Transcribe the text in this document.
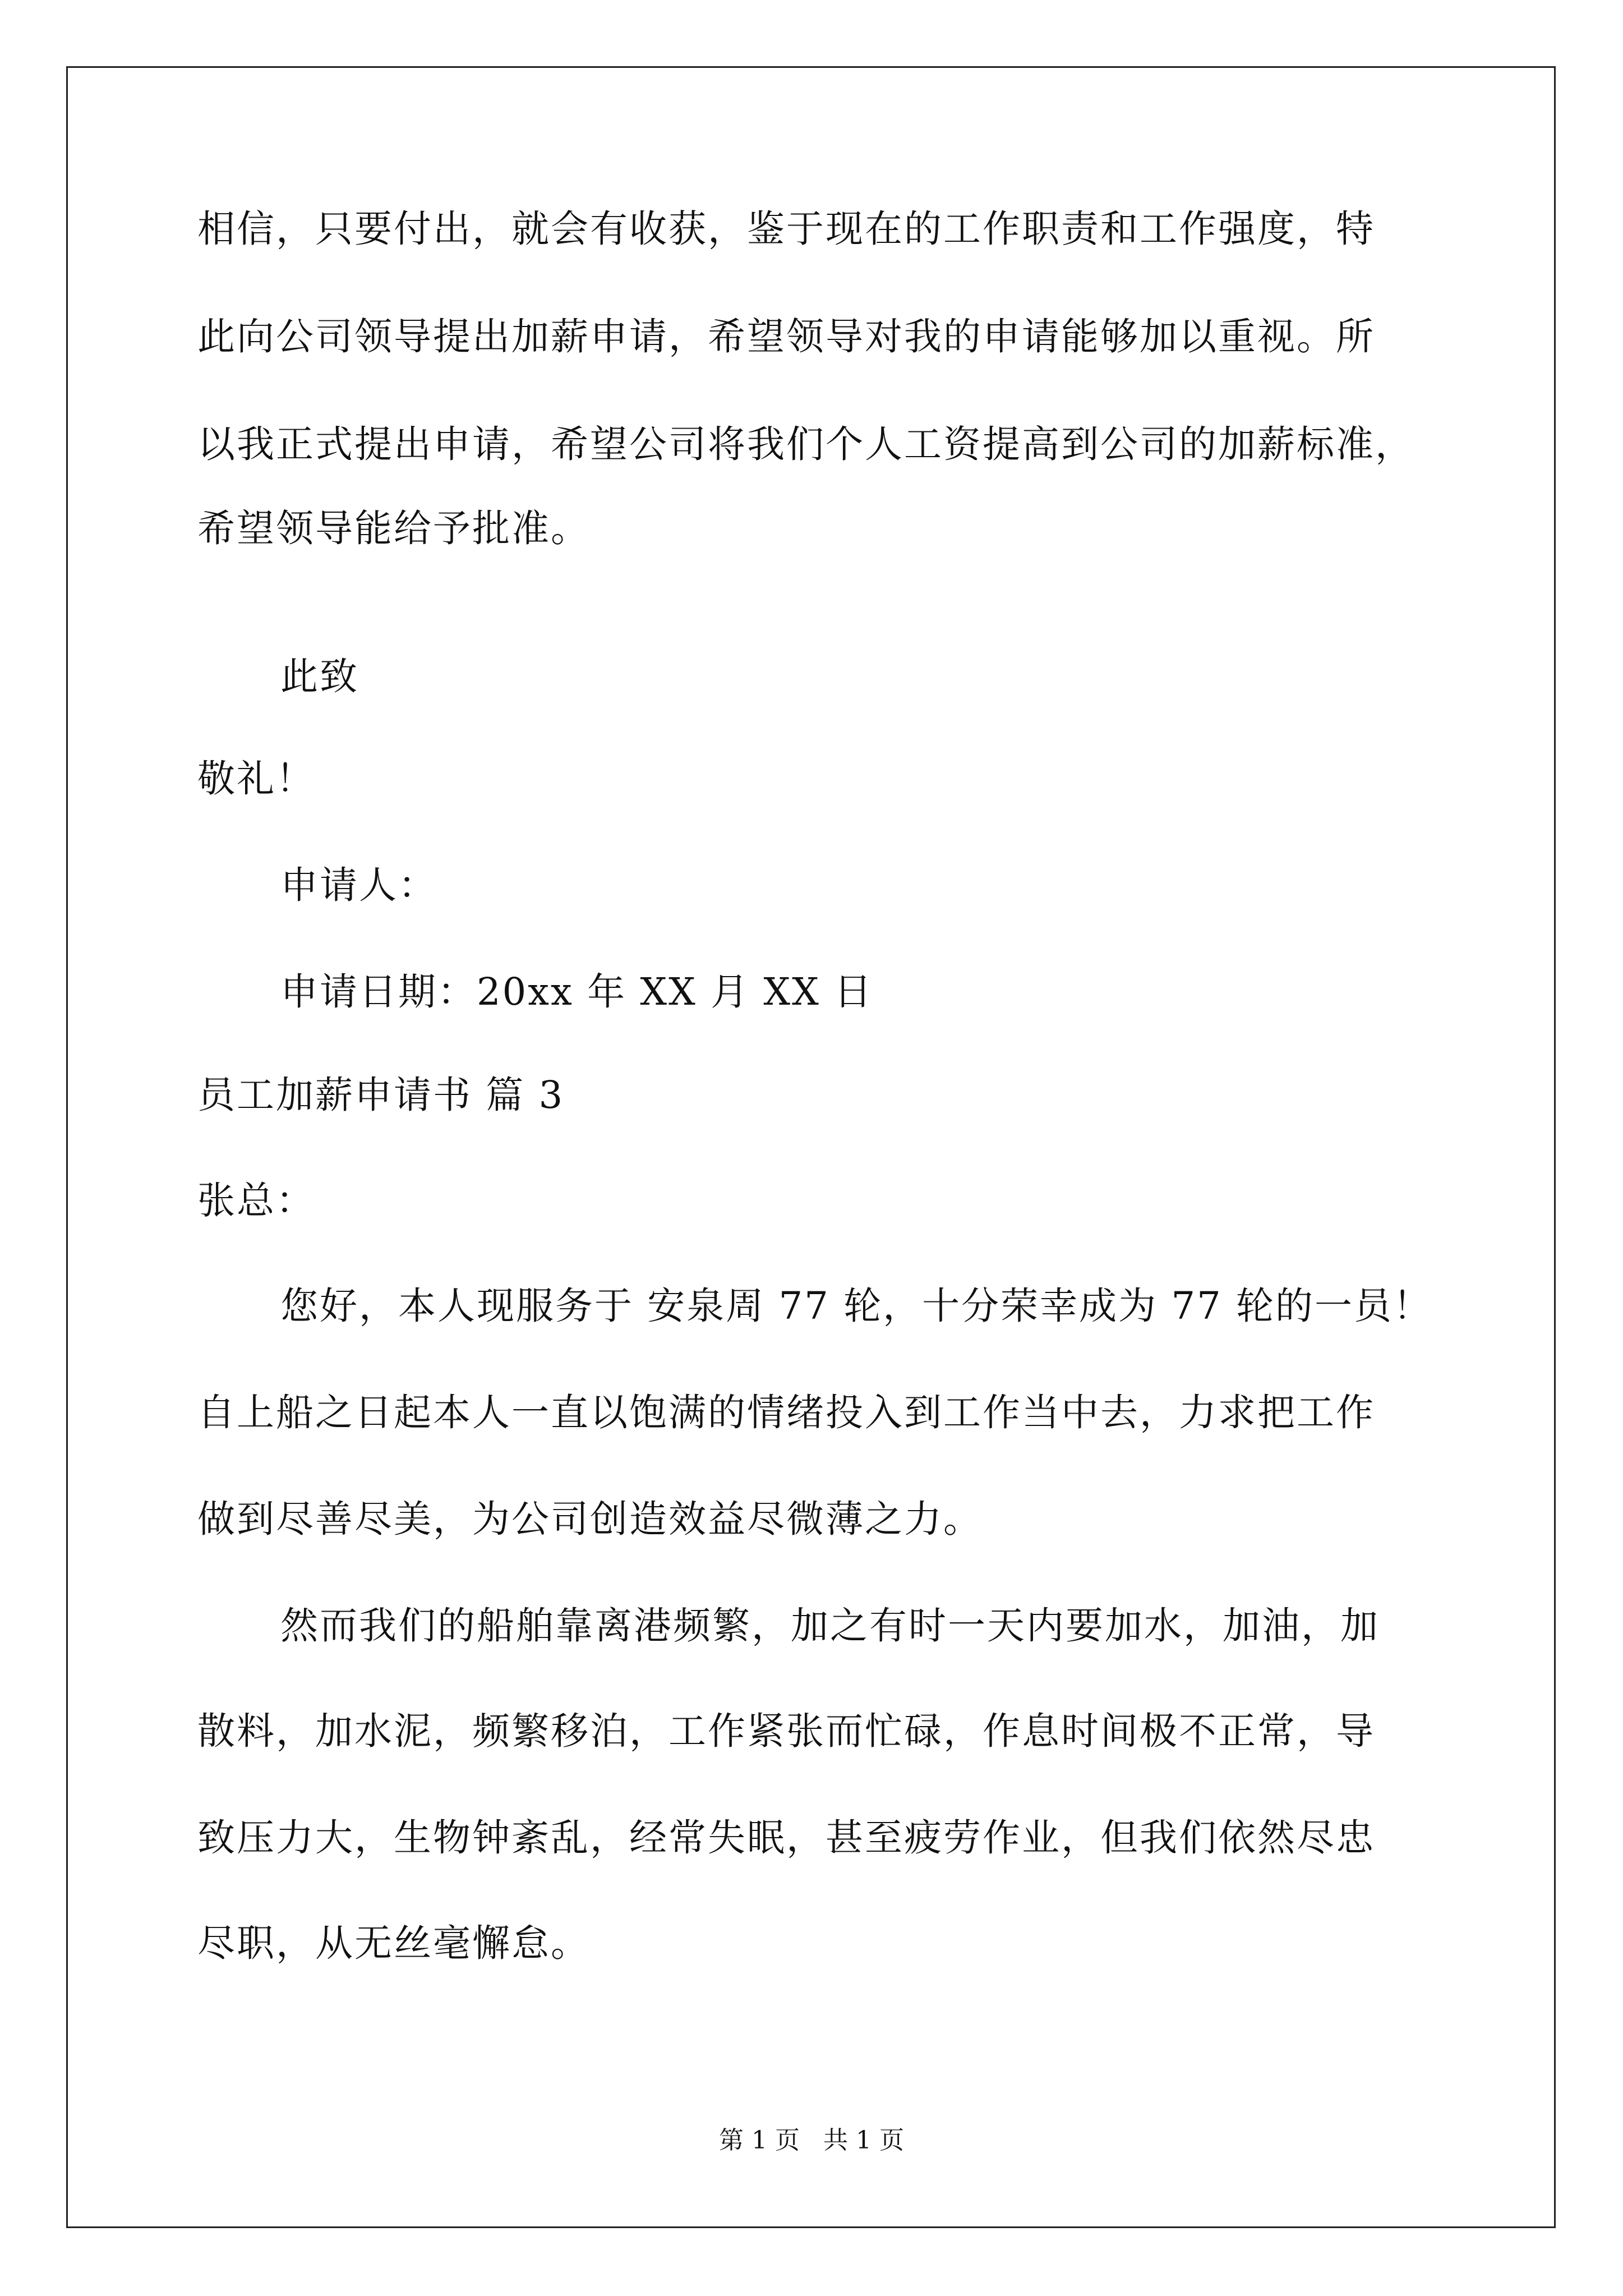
相信，只要付出，就会有收获，鉴于现在的工作职责和工作强度，特
此向公司领导提出加薪申请，希望领导对我的申请能够加以重视。所
以我正式提出申请，希望公司将我们个人工资提高到公司的加薪标准，
希望领导能给予批准。
此致
敬礼！
申请人：
申请日期：20xx 年 XX 月 XX 日
员工加薪申请书 篇 3
张总：
您好，本人现服务于 安泉周 77 轮，十分荣幸成为 77 轮的一员！
自上船之日起本人一直以饱满的情绪投入到工作当中去，力求把工作
做到尽善尽美，为公司创造效益尽微薄之力。
然而我们的船舶靠离港频繁，加之有时一天内要加水，加油，加
散料，加水泥，频繁移泊，工作紧张而忙碌，作息时间极不正常，导
致压力大，生物钟紊乱，经常失眠，甚至疲劳作业，但我们依然尽忠
尽职，从无丝毫懈怠。
第 1 页   共 1 页
